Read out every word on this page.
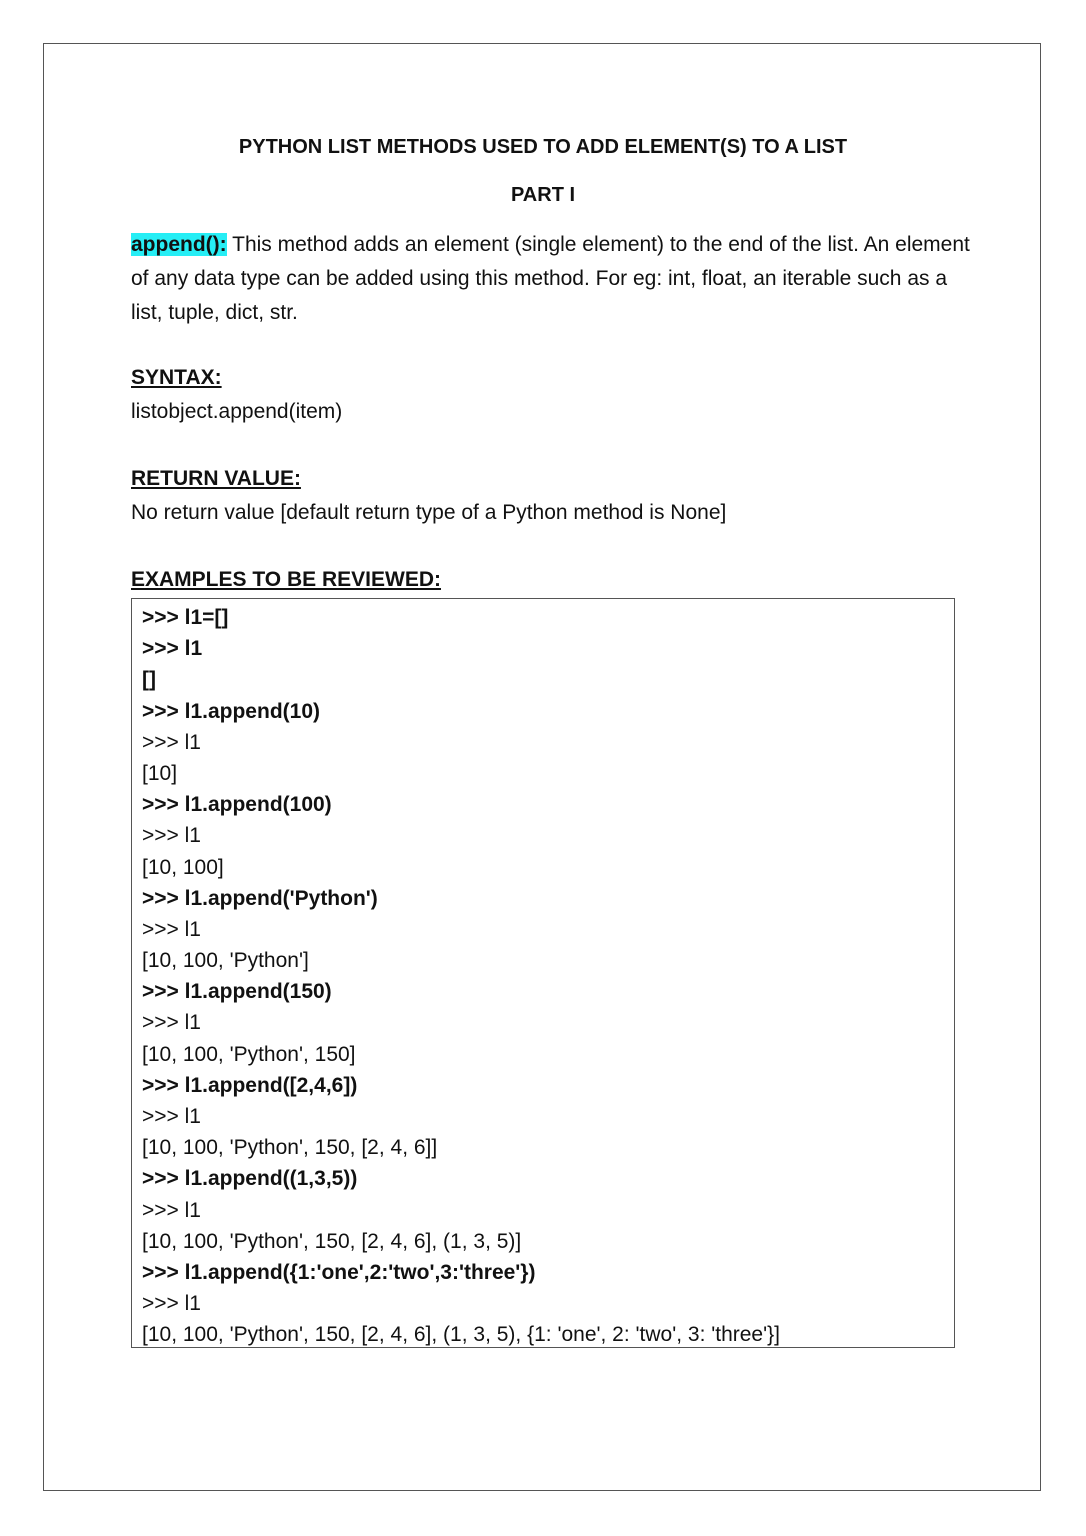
PYTHON LIST METHODS USED TO ADD ELEMENT(S) TO A LIST
PART I

append(): This method adds an element (single element) to the end of the list. An element of any data type can be added using this method. For eg: int, float, an iterable such as a list, tuple, dict, str.

SYNTAX:
listobject.append(item)
RETURN VALUE:
No return value [default return type of a Python method is None]
EXAMPLES TO BE REVIEWED:
>>> l1=[]
>>> l1
[]
>>> l1.append(10)
>>> l1
[10]
>>> l1.append(100)
>>> l1
[10, 100]
>>> l1.append('Python')
>>> l1
[10, 100, 'Python']
>>> l1.append(150)
>>> l1
[10, 100, 'Python', 150]
>>> l1.append([2,4,6])
>>> l1
[10, 100, 'Python', 150, [2, 4, 6]]
>>> l1.append((1,3,5))
>>> l1
[10, 100, 'Python', 150, [2, 4, 6], (1, 3, 5)]
>>> l1.append({1:'one',2:'two',3:'three'})
>>> l1
[10, 100, 'Python', 150, [2, 4, 6], (1, 3, 5), {1: 'one', 2: 'two', 3: 'three'}]
